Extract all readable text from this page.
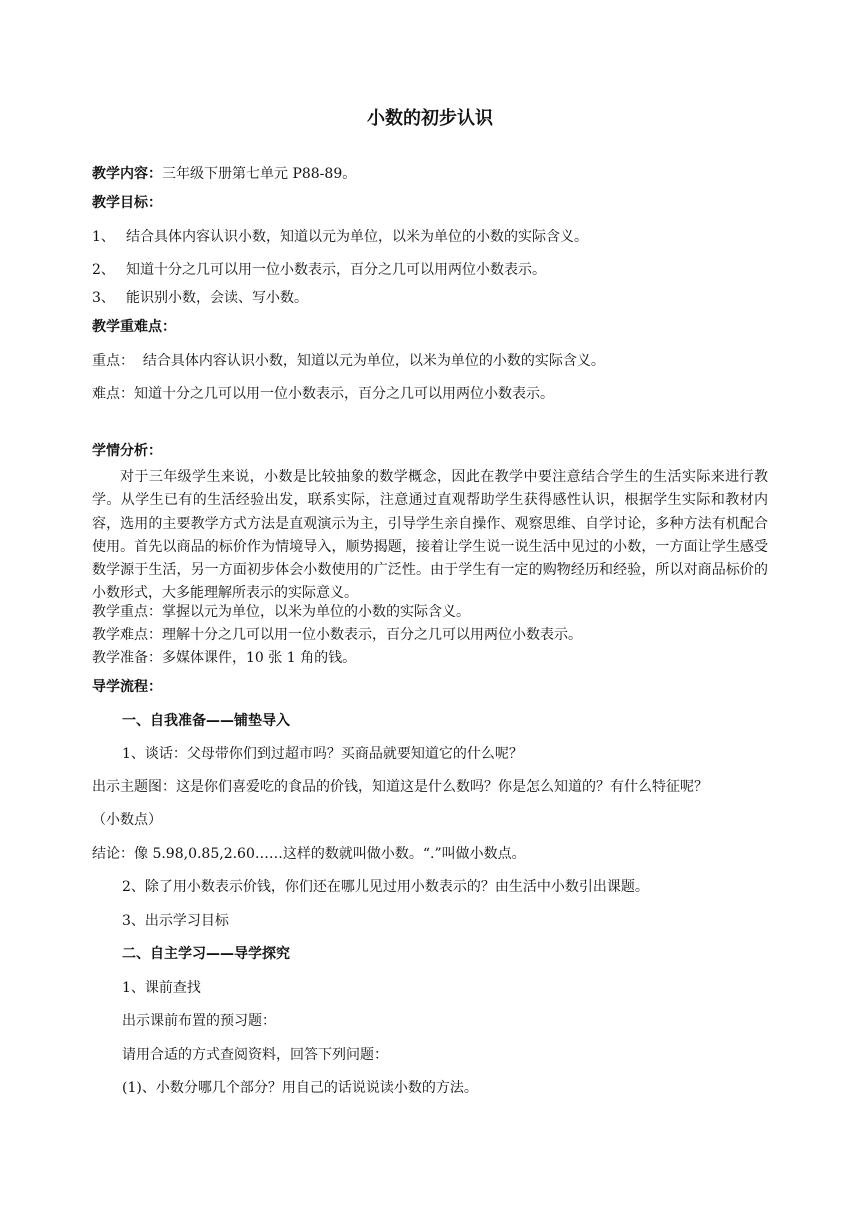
小数的初步认识
教学内容：三年级下册第七单元 P88-89。
教学目标：
1、 结合具体内容认识小数，知道以元为单位，以米为单位的小数的实际含义。
2、 知道十分之几可以用一位小数表示，百分之几可以用两位小数表示。
3、 能识别小数，会读、写小数。
教学重难点：
重点：  结合具体内容认识小数，知道以元为单位，以米为单位的小数的实际含义。
难点：知道十分之几可以用一位小数表示，百分之几可以用两位小数表示。
学情分析：
对于三年级学生来说，小数是比较抽象的数学概念，因此在教学中要注意结合学生的生活实际来进行教学。从学生已有的生活经验出发，联系实际，注意通过直观帮助学生获得感性认识，根据学生实际和教材内容，选用的主要教学方式方法是直观演示为主，引导学生亲自操作、观察思维、自学讨论，多种方法有机配合使用。首先以商品的标价作为情境导入，顺势揭题，接着让学生说一说生活中见过的小数，一方面让学生感受数学源于生活，另一方面初步体会小数使用的广泛性。由于学生有一定的购物经历和经验，所以对商品标价的小数形式，大多能理解所表示的实际意义。
教学重点：掌握以元为单位，以米为单位的小数的实际含义。
教学难点：理解十分之几可以用一位小数表示，百分之几可以用两位小数表示。
教学准备：多媒体课件，10 张 1 角的钱。
导学流程：
一、自我准备——铺垫导入
1、谈话：父母带你们到过超市吗？买商品就要知道它的什么呢？
出示主题图：这是你们喜爱吃的食品的价钱，知道这是什么数吗？你是怎么知道的？有什么特征呢？
（小数点）
结论：像 5.98,0.85,2.60……这样的数就叫做小数。“.”叫做小数点。
2、除了用小数表示价钱，你们还在哪儿见过用小数表示的？由生活中小数引出课题。
3、出示学习目标
二、自主学习——导学探究
1、课前查找
出示课前布置的预习题：
请用合适的方式查阅资料，回答下列问题：
(1)、小数分哪几个部分？用自己的话说说读小数的方法。
